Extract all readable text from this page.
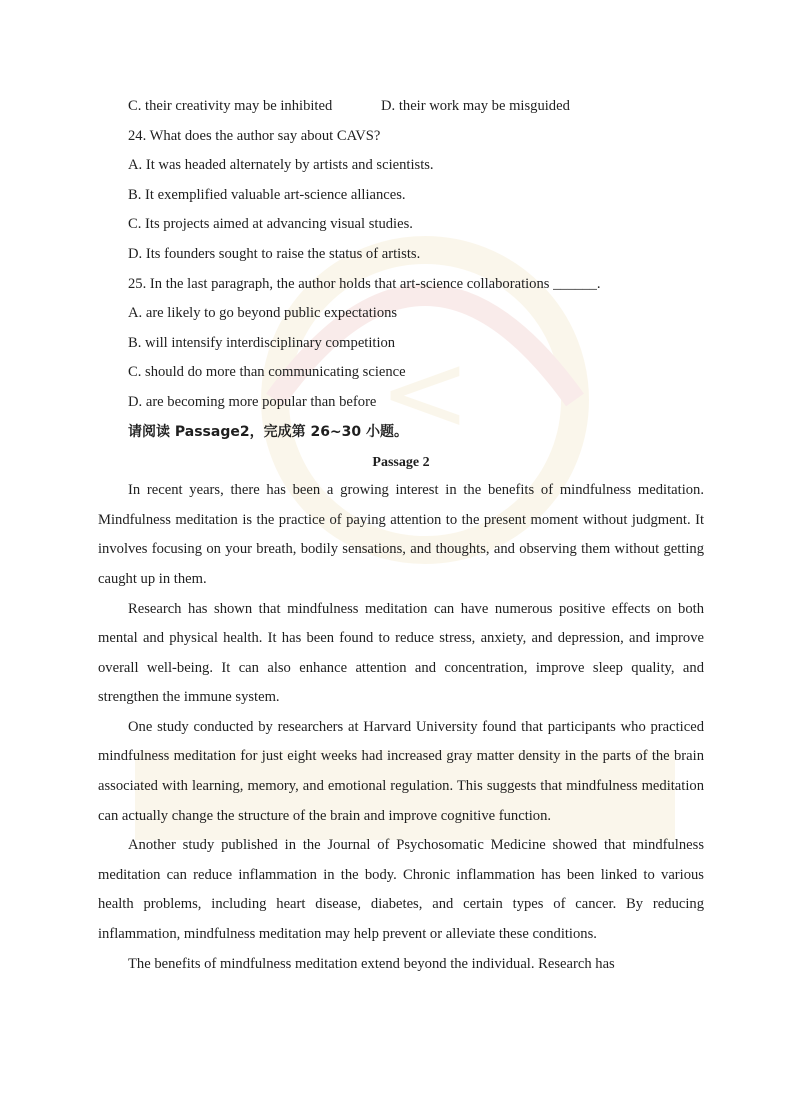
<
C. their creativity may be inhibited	D. their work may be misguided
24. What does the author say about CAVS?
A. It was headed alternately by artists and scientists.
B. It exemplified valuable art-science alliances.
C. Its projects aimed at advancing visual studies.
D. Its founders sought to raise the status of artists.
25. In the last paragraph, the author holds that art-science collaborations ______.
A. are likely to go beyond public expectations
B. will intensify interdisciplinary competition
C. should do more than communicating science
D. are becoming more popular than before
请阅读 Passage2，完成第 26~30 小题。
Passage 2

In recent years, there has been a growing interest in the benefits of mindfulness meditation. Mindfulness meditation is the practice of paying attention to the present moment without judgment. It involves focusing on your breath, bodily sensations, and thoughts, and observing them without getting caught up in them.

Research has shown that mindfulness meditation can have numerous positive effects on both mental and physical health. It has been found to reduce stress, anxiety, and depression, and improve overall well-being. It can also enhance attention and concentration, improve sleep quality, and strengthen the immune system.

One study conducted by researchers at Harvard University found that participants who practiced mindfulness meditation for just eight weeks had increased gray matter density in the parts of the brain associated with learning, memory, and emotional regulation. This suggests that mindfulness meditation can actually change the structure of the brain and improve cognitive function.

Another study published in the Journal of Psychosomatic Medicine showed that mindfulness meditation can reduce inflammation in the body. Chronic inflammation has been linked to various health problems, including heart disease, diabetes, and certain types of cancer. By reducing inflammation, mindfulness meditation may help prevent or alleviate these conditions.

The benefits of mindfulness meditation extend beyond the individual. Research has
